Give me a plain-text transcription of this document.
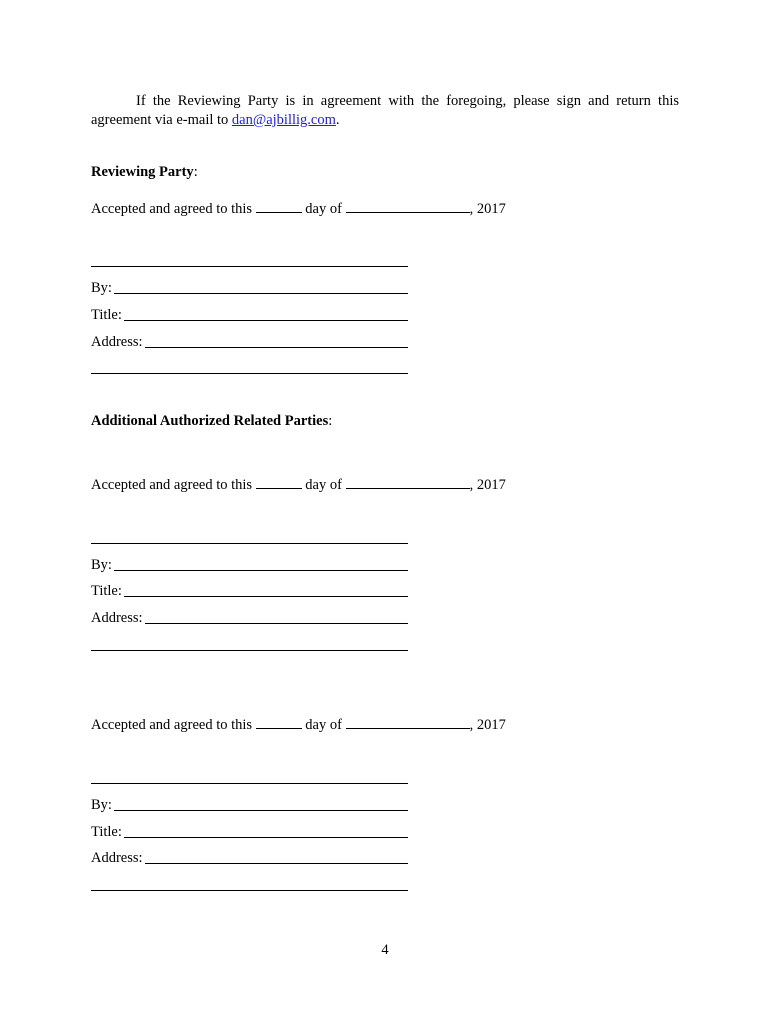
If the Reviewing Party is in agreement with the foregoing, please sign and return this

agreement via e-mail to dan@ajbillig.com.

Reviewing Party:
Accepted and agreed to this	day of	, 2017
By:
Title:
Address:
Additional Authorized Related Parties:
Accepted and agreed to this	day of	, 2017
By:
Title:
Address:
Accepted and agreed to this	day of	, 2017
By:
Title:
Address:
4
